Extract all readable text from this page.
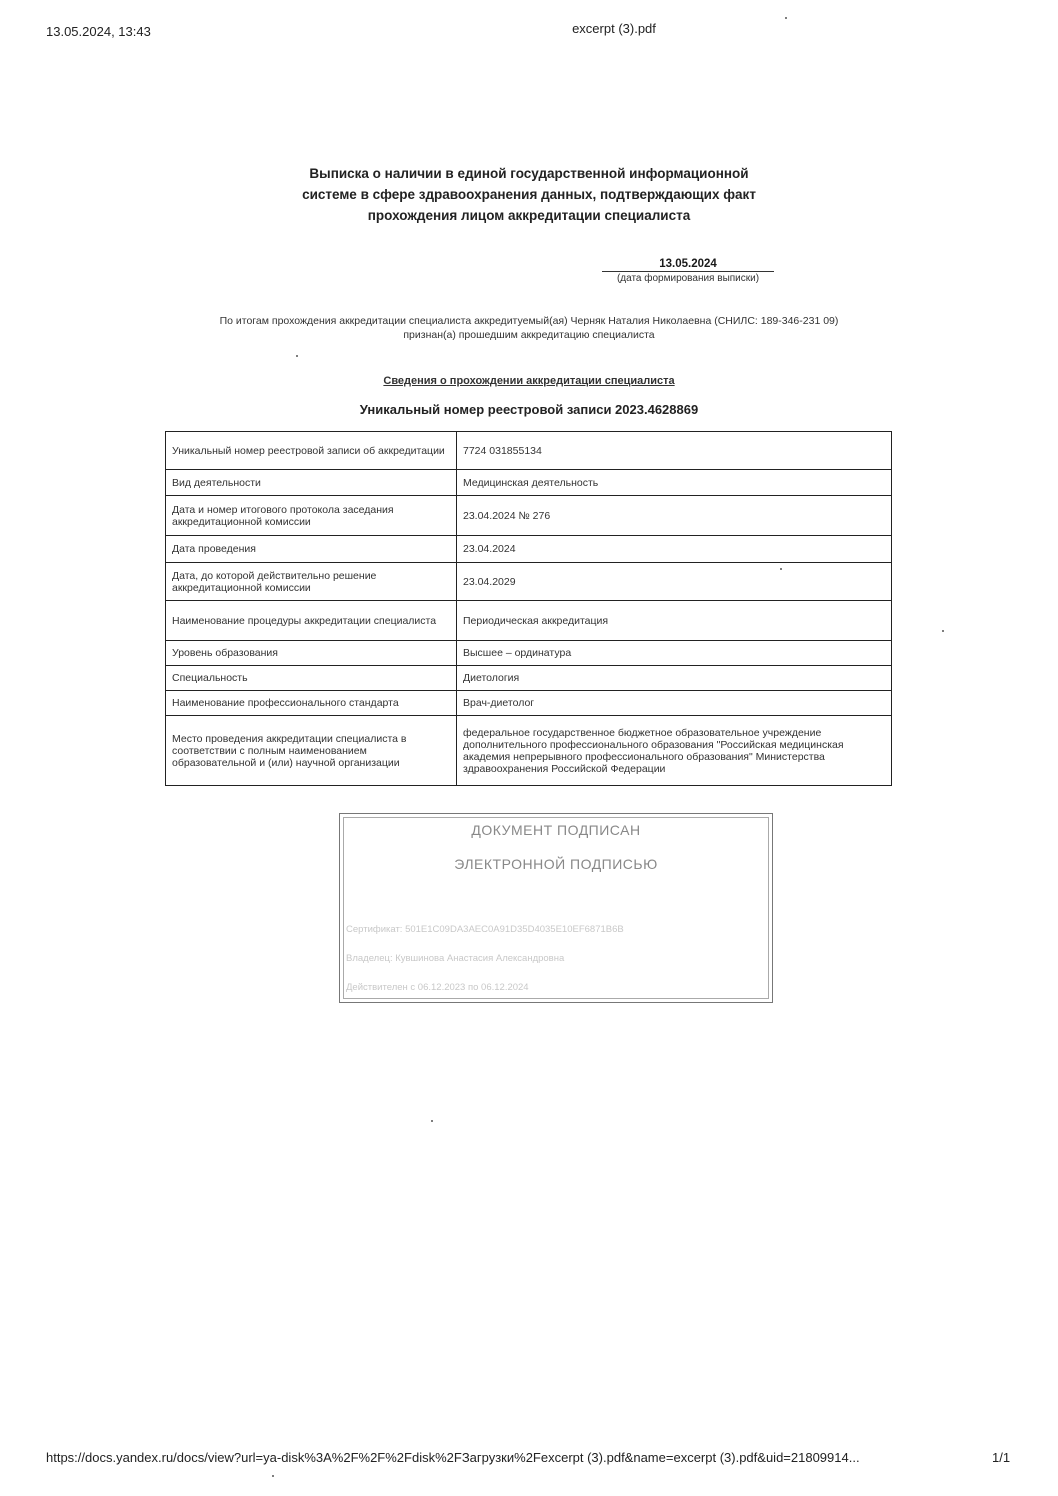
13.05.2024, 13:43	excerpt (3).pdf
Выписка о наличии в единой государственной информационной
системе в сфере здравоохранения данных, подтверждающих факт
прохождения лицом аккредитации специалиста
13.05.2024
(дата формирования выписки)
По итогам прохождения аккредитации специалиста аккредитуемый(ая) Черняк Наталия Николаевна (СНИЛС: 189-346-231 09)
признан(а) прошедшим аккредитацию специалиста
Сведения о прохождении аккредитации специалиста
Уникальный номер реестровой записи 2023.4628869
Уникальный номер реестровой записи об аккредитации	7724 031855134
Вид деятельности	Медицинская деятельность
Дата и номер итогового протокола заседания аккредитационной комиссии	23.04.2024 № 276
Дата проведения	23.04.2024
Дата, до которой действительно решение аккредитационной комиссии	23.04.2029
Наименование процедуры аккредитации специалиста	Периодическая аккредитация
Уровень образования	Высшее – ординатура
Специальность	Диетология
Наименование профессионального стандарта	Врач-диетолог
Место проведения аккредитации специалиста в соответствии с полным наименованием образовательной и (или) научной организации	федеральное государственное бюджетное образовательное учреждение дополнительного профессионального образования "Российская медицинская академия непрерывного профессионального образования" Министерства здравоохранения Российской Федерации
ДОКУМЕНТ ПОДПИСАН
ЭЛЕКТРОННОЙ ПОДПИСЬЮ
Сертификат: 501E1C09DA3AEC0A91D35D4035E10EF6871B6B
Владелец: Кувшинова Анастасия Александровна
Действителен с 06.12.2023 по 06.12.2024
https://docs.yandex.ru/docs/view?url=ya-disk%3A%2F%2F%2Fdisk%2FЗагрузки%2Fexcerpt (3).pdf&name=excerpt (3).pdf&uid=21809914...	1/1
